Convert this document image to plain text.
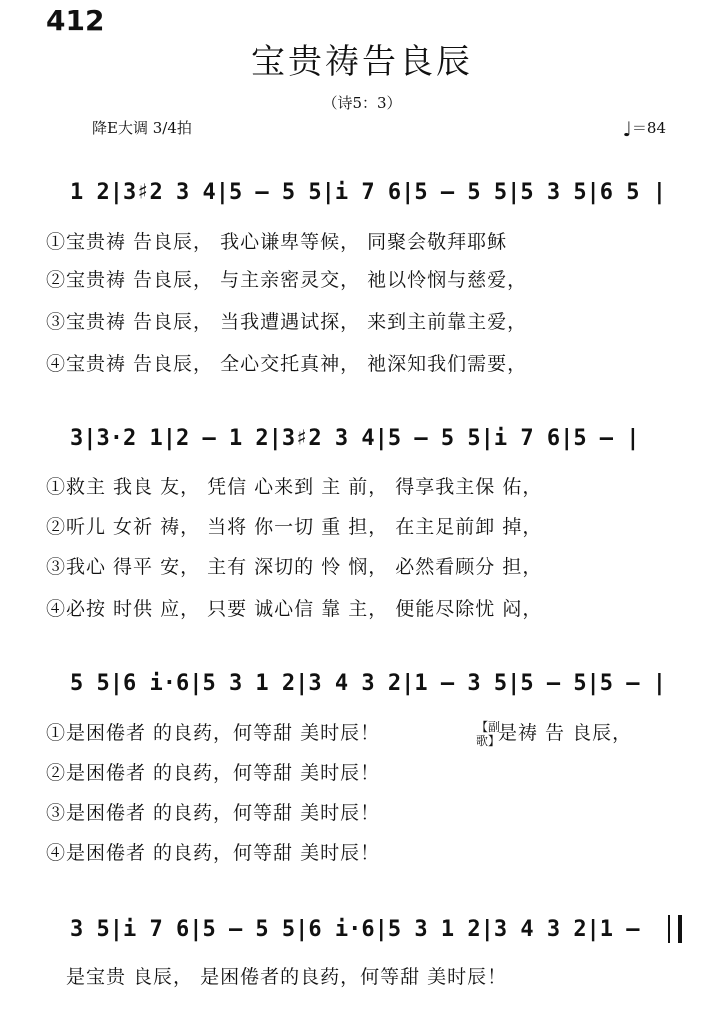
412
宝贵祷告良辰
（诗5：3）
降E大调 3/4拍	♩＝84
1 2|3♯2 3 4|5 – 5 5|i 7 6|5 – 5 5|5 3 5|6 5 |
①宝贵祷 告良辰， 我心谦卑等候， 同聚会敬拜耶稣
②宝贵祷 告良辰， 与主亲密灵交， 祂以怜悯与慈爱，
③宝贵祷 告良辰， 当我遭遇试探， 来到主前靠主爱，
④宝贵祷 告良辰， 全心交托真神， 祂深知我们需要，
3|3·2 1|2 – 1 2|3♯2 3 4|5 – 5 5|i 7 6|5 – |
①救主 我良 友， 凭信 心来到 主 前， 得享我主保 佑，
②听儿 女祈 祷， 当将 你一切 重 担， 在主足前卸 掉，
③我心 得平 安， 主有 深切的 怜 悯， 必然看顾分 担，
④必按 时供 应， 只要 诚心信 靠 主， 便能尽除忧 闷，
5 5|6 i·6|5 3 1 2|3 4 3 2|1 – 3 5|5 – 5|5 – |
①是困倦者 的良药，何等甜 美时辰！
②是困倦者 的良药，何等甜 美时辰！
③是困倦者 的良药，何等甜 美时辰！
④是困倦者 的良药，何等甜 美时辰！
【副歌】
是祷 告 良辰，
3 5|i 7 6|5 – 5 5|6 i·6|5 3 1 2|3 4 3 2|1 –
是宝贵 良辰， 是困倦者的良药，何等甜 美时辰！
